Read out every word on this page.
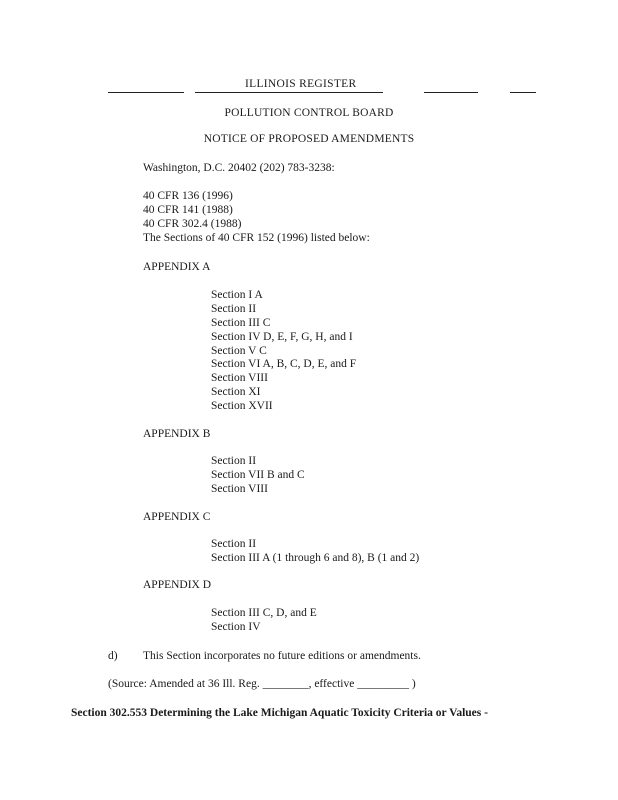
ILLINOIS REGISTER
POLLUTION CONTROL BOARD
NOTICE OF PROPOSED AMENDMENTS
Washington, D.C. 20402 (202) 783-3238:
40 CFR 136 (1996)
40 CFR 141 (1988)
40 CFR 302.4 (1988)
The Sections of 40 CFR 152 (1996) listed below:
APPENDIX A
Section I A
Section II
Section III C
Section IV D, E, F, G, H, and I
Section V C
Section VI A, B, C, D, E, and F
Section VIII
Section XI
Section XVII
APPENDIX B
Section II
Section VII B and C
Section VIII
APPENDIX C
Section II
Section III A (1 through 6 and 8), B (1 and 2)
APPENDIX D
Section III C, D, and E
Section IV
d) This Section incorporates no future editions or amendments.
(Source: Amended at 36 Ill. Reg. ________, effective _________ )
Section 302.553 Determining the Lake Michigan Aquatic Toxicity Criteria or Values -
